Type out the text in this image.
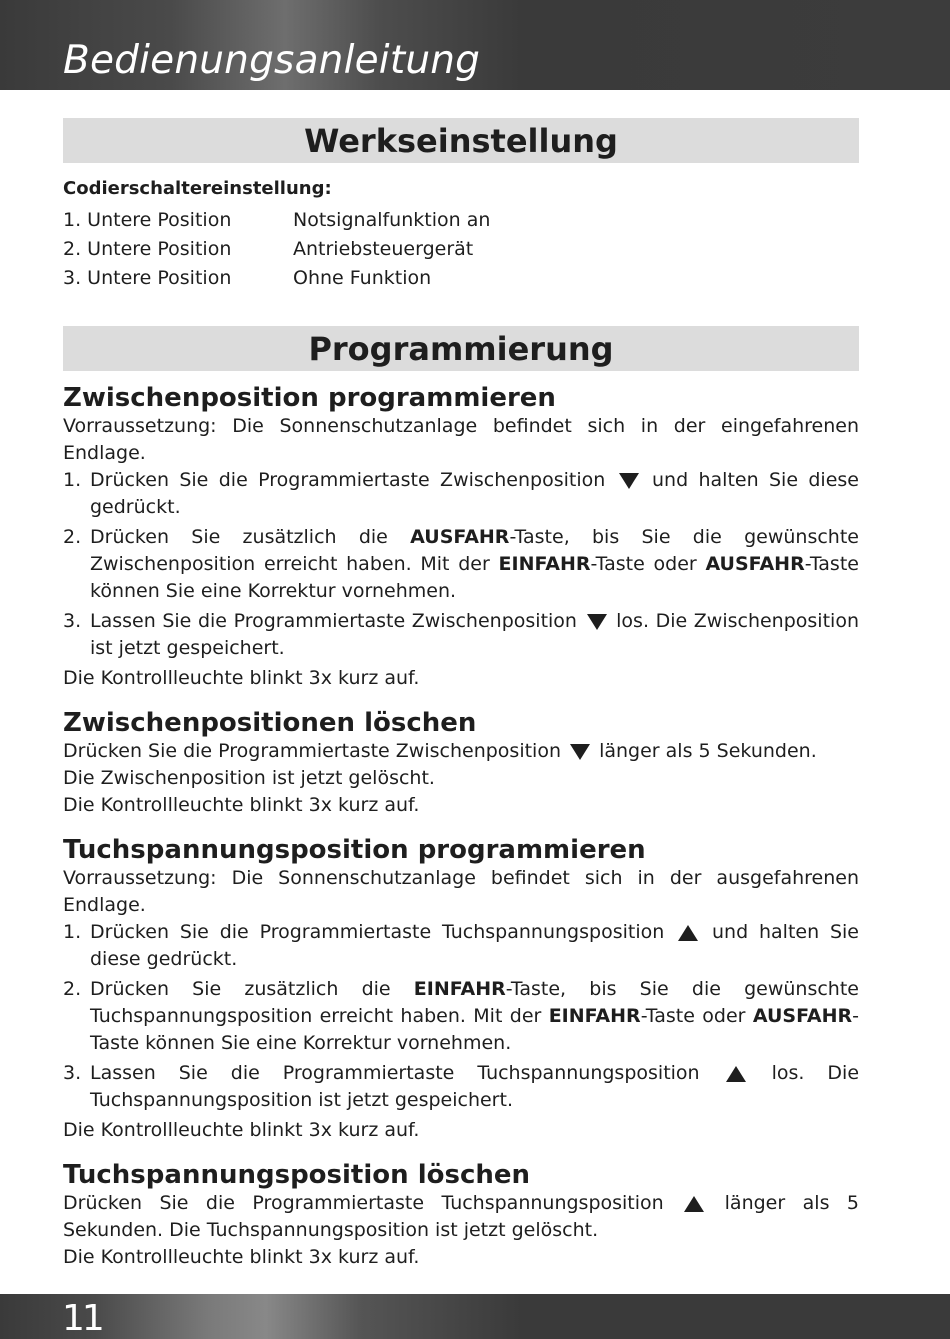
Bedienungsanleitung
Werkseinstellung
Codierschaltereinstellung:
1. Untere Position	Notsignalfunktion an
2. Untere Position	Antriebsteuergerät
3. Untere Position	Ohne Funktion
Programmierung
Zwischenposition programmieren
Vorraussetzung: Die Sonnenschutzanlage befindet sich in der eingefahrenen Endlage.
1. Drücken Sie die Programmiertaste Zwischenposition und halten Sie diese gedrückt.
2. Drücken Sie zusätzlich die AUSFAHR-Taste, bis Sie die gewünschte Zwischenposition erreicht haben. Mit der EINFAHR-Taste oder AUSFAHR-Taste können Sie eine Korrektur vornehmen.
3. Lassen Sie die Programmiertaste Zwischenposition los. Die Zwischenposition ist jetzt gespeichert.
Die Kontrollleuchte blinkt 3x kurz auf.
Zwischenpositionen löschen
Drücken Sie die Programmiertaste Zwischenposition länger als 5 Sekunden.
Die Zwischenposition ist jetzt gelöscht.
Die Kontrollleuchte blinkt 3x kurz auf.
Tuchspannungsposition programmieren
Vorraussetzung: Die Sonnenschutzanlage befindet sich in der ausgefahrenen Endlage.
1. Drücken Sie die Programmiertaste Tuchspannungsposition	und halten Sie diese gedrückt.
2. Drücken Sie zusätzlich die EINFAHR-Taste, bis Sie die gewünschte Tuchspannungsposition erreicht haben. Mit der EINFAHR-Taste oder AUSFAHR-Taste können Sie eine Korrektur vornehmen.
3. Lassen Sie die Programmiertaste Tuchspannungsposition	los. Die Tuchspannungsposition ist jetzt gespeichert.
Die Kontrollleuchte blinkt 3x kurz auf.
Tuchspannungsposition löschen
Drücken Sie die Programmiertaste Tuchspannungsposition	länger als 5 Sekunden. Die Tuchspannungsposition ist jetzt gelöscht.
Die Kontrollleuchte blinkt 3x kurz auf.
11
